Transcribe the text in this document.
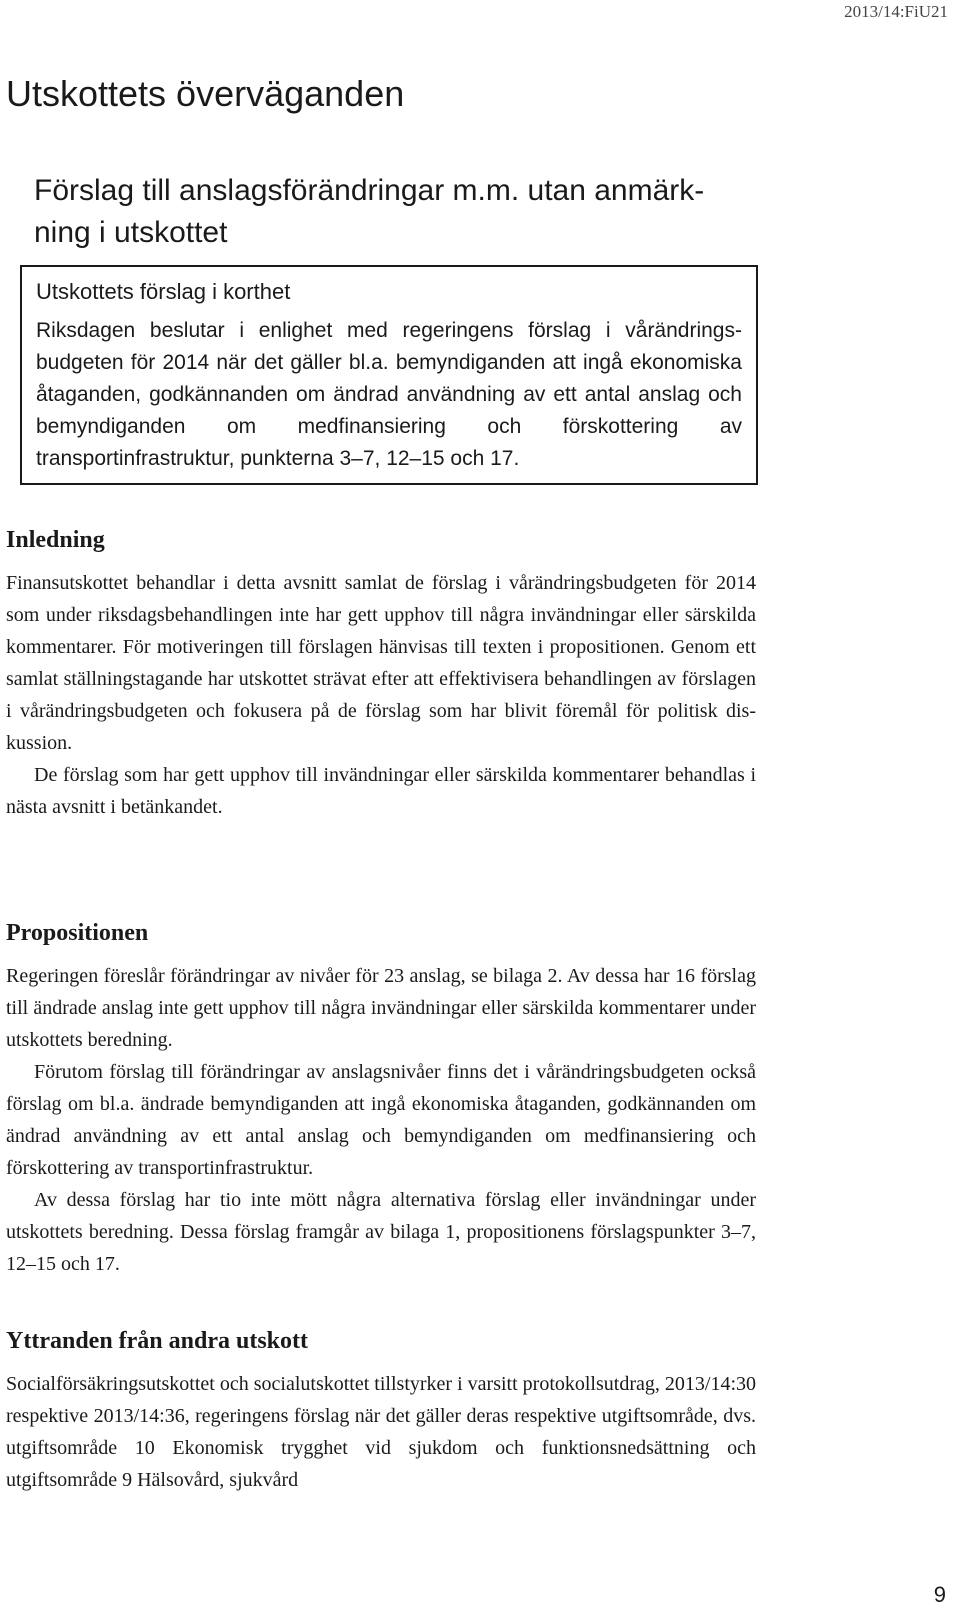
2013/14:FiU21
Utskottets överväganden
Förslag till anslagsförändringar m.m. utan anmärkning i utskottet
Utskottets förslag i korthet

Riksdagen beslutar i enlighet med regeringens förslag i vårändringsbudgeten för 2014 när det gäller bl.a. bemyndiganden att ingå ekonomiska åtaganden, godkännanden om ändrad användning av ett antal anslag och bemyndiganden om medfinansiering och förskottering av transportinfrastruktur, punkterna 3–7, 12–15 och 17.

Inledning

Finansutskottet behandlar i detta avsnitt samlat de förslag i vårändringsbudgeten för 2014 som under riksdagsbehandlingen inte har gett upphov till några invändningar eller särskilda kommentarer. För motiveringen till förslagen hänvisas till texten i propositionen. Genom ett samlat ställningstagande har utskottet strävat efter att effektivisera behandlingen av förslagen i vårändringsbudgeten och fokusera på de förslag som har blivit föremål för politisk diskussion.

De förslag som har gett upphov till invändningar eller särskilda kommentarer behandlas i nästa avsnitt i betänkandet.

Propositionen

Regeringen föreslår förändringar av nivåer för 23 anslag, se bilaga 2. Av dessa har 16 förslag till ändrade anslag inte gett upphov till några invändningar eller särskilda kommentarer under utskottets beredning.

Förutom förslag till förändringar av anslagsnivåer finns det i vårändringsbudgeten också förslag om bl.a. ändrade bemyndiganden att ingå ekonomiska åtaganden, godkännanden om ändrad användning av ett antal anslag och bemyndiganden om medfinansiering och förskottering av transportinfrastruktur.

Av dessa förslag har tio inte mött några alternativa förslag eller invändningar under utskottets beredning. Dessa förslag framgår av bilaga 1, propositionens förslagspunkter 3–7, 12–15 och 17.

Yttranden från andra utskott

Socialförsäkringsutskottet och socialutskottet tillstyrker i varsitt protokollsutdrag, 2013/14:30 respektive 2013/14:36, regeringens förslag när det gäller deras respektive utgiftsområde, dvs. utgiftsområde 10 Ekonomisk trygghet vid sjukdom och funktionsnedsättning och utgiftsområde 9 Hälsovård, sjukvård

9
